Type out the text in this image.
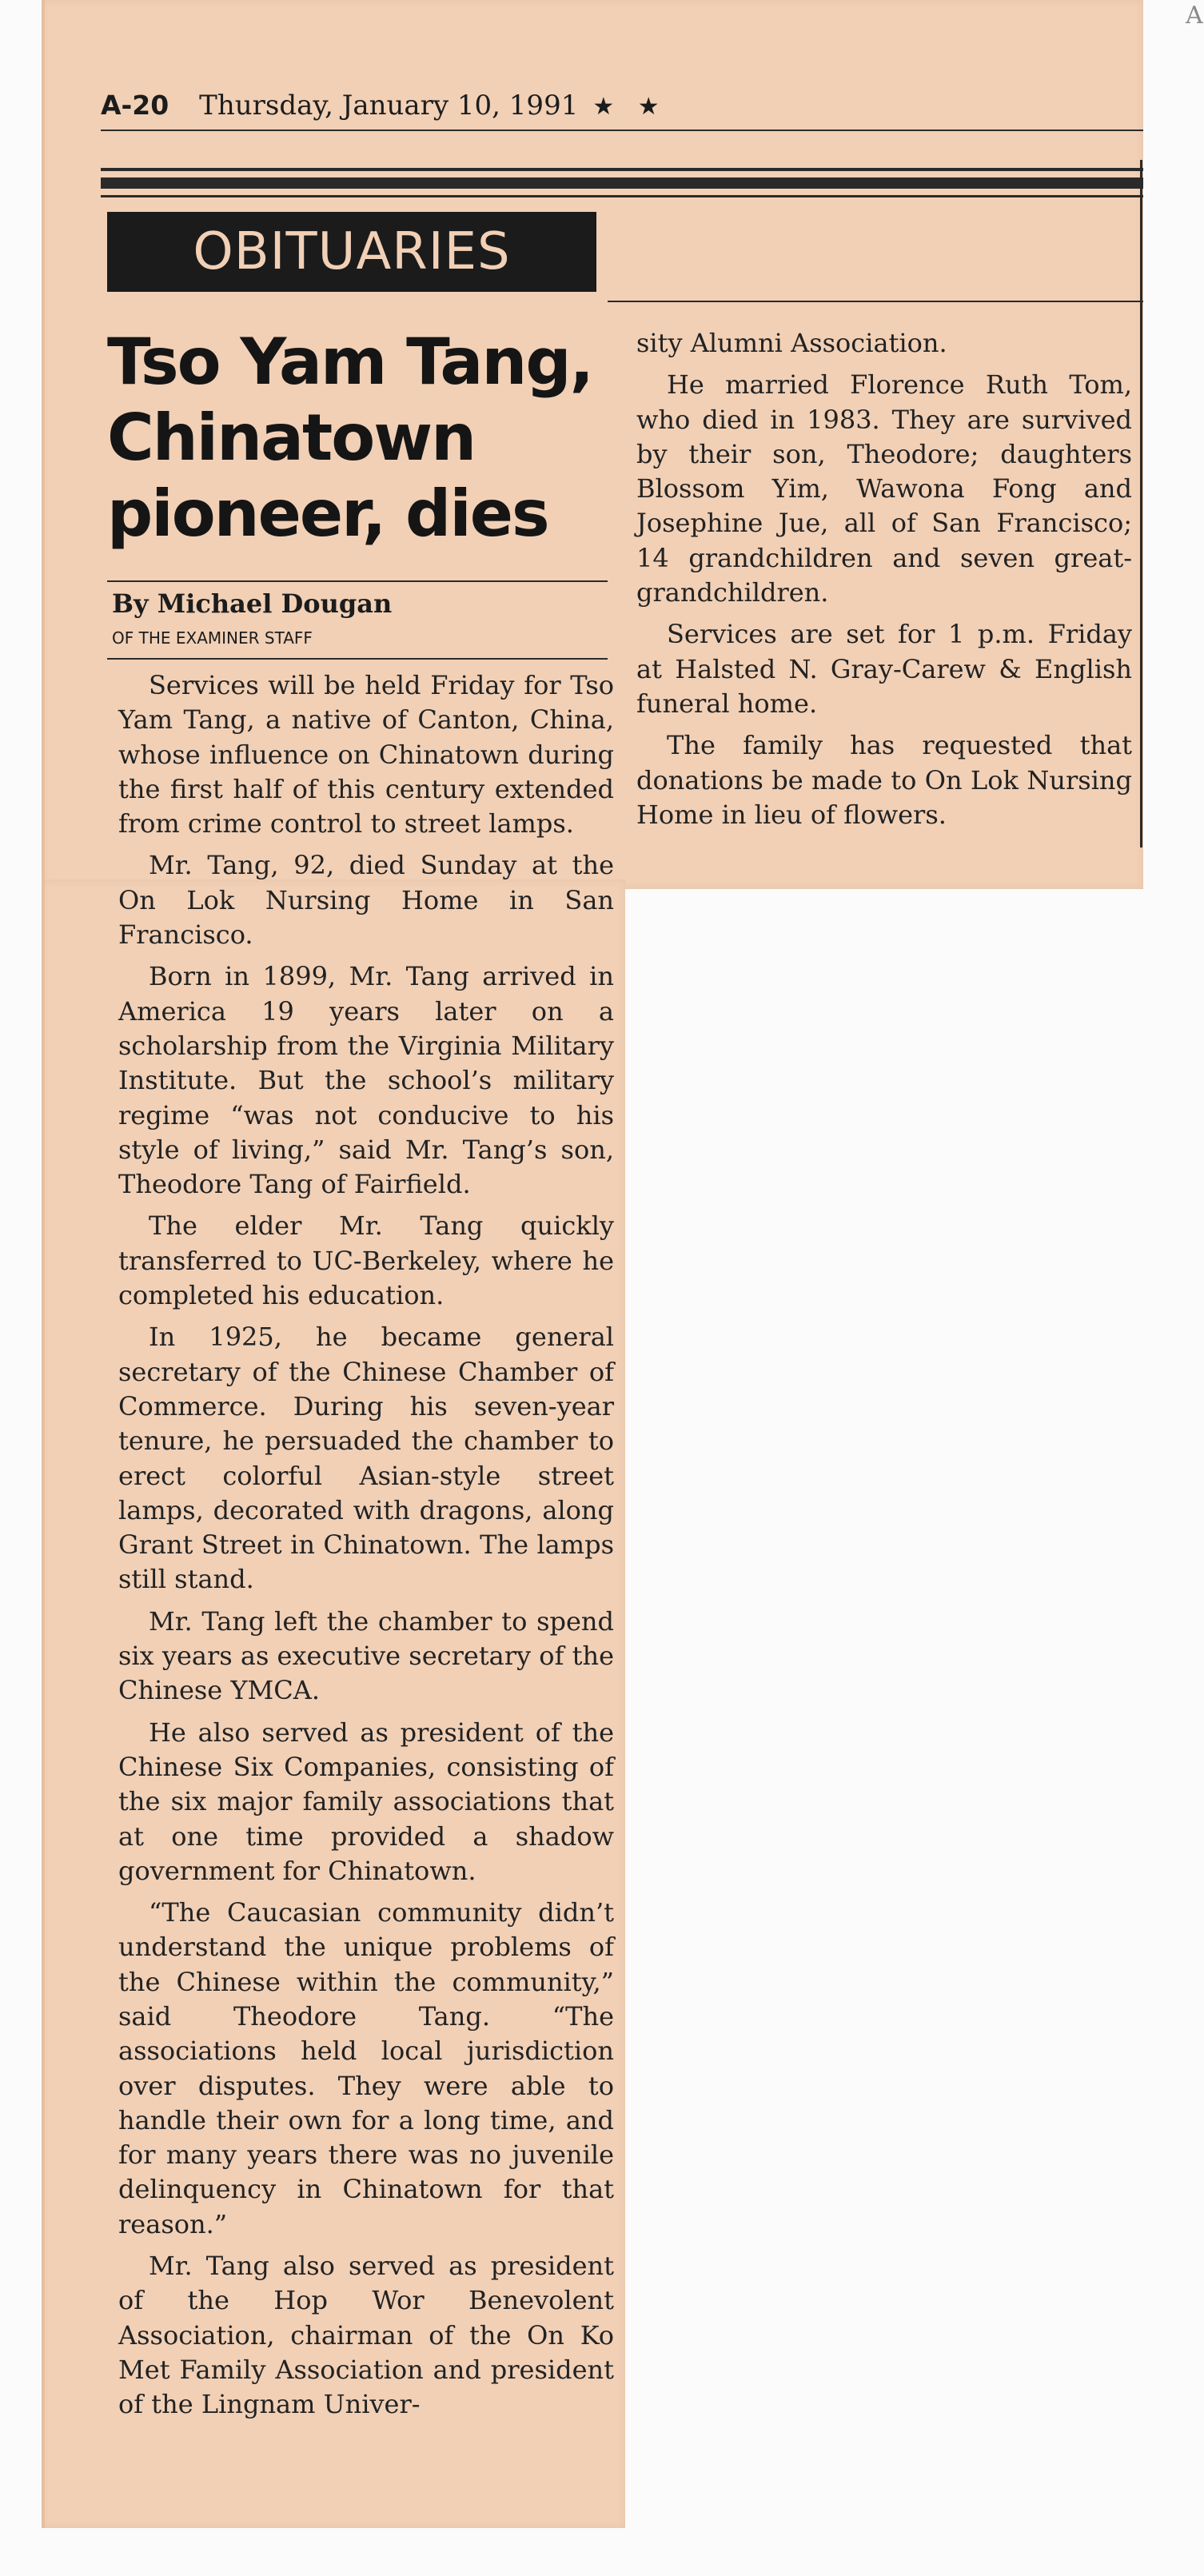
A
A-20 Thursday, January 10, 1991 ★ ★
OBITUARIES
Tso Yam Tang, Chinatown pioneer, dies
By Michael Dougan
OF THE EXAMINER STAFF

Services will be held Friday for Tso Yam Tang, a native of Canton, China, whose influence on Chinatown during the first half of this century extended from crime control to street lamps.

Mr. Tang, 92, died Sunday at the On Lok Nursing Home in San Francisco.

Born in 1899, Mr. Tang arrived in America 19 years later on a scholarship from the Virginia Military Institute. But the school’s military regime “was not conducive to his style of living,” said Mr. Tang’s son, Theodore Tang of Fairfield.

The elder Mr. Tang quickly transferred to UC-Berkeley, where he completed his education.

In 1925, he became general secretary of the Chinese Chamber of Commerce. During his seven-year tenure, he persuaded the chamber to erect colorful Asian-style street lamps, decorated with dragons, along Grant Street in Chinatown. The lamps still stand.

Mr. Tang left the chamber to spend six years as executive secretary of the Chinese YMCA.

He also served as president of the Chinese Six Companies, consisting of the six major family associations that at one time provided a shadow government for Chinatown.

“The Caucasian community didn’t understand the unique problems of the Chinese within the community,” said Theodore Tang. “The associations held local jurisdiction over disputes. They were able to handle their own for a long time, and for many years there was no juvenile delinquency in Chinatown for that reason.”

Mr. Tang also served as president of the Hop Wor Benevolent Association, chairman of the On Ko Met Family Association and president of the Lingnam Univer-

sity Alumni Association.

He married Florence Ruth Tom, who died in 1983. They are survived by their son, Theodore; daughters Blossom Yim, Wawona Fong and Josephine Jue, all of San Francisco; 14 grandchildren and seven great-grandchildren.

Services are set for 1 p.m. Friday at Halsted N. Gray-Carew & English funeral home.

The family has requested that donations be made to On Lok Nursing Home in lieu of flowers.
